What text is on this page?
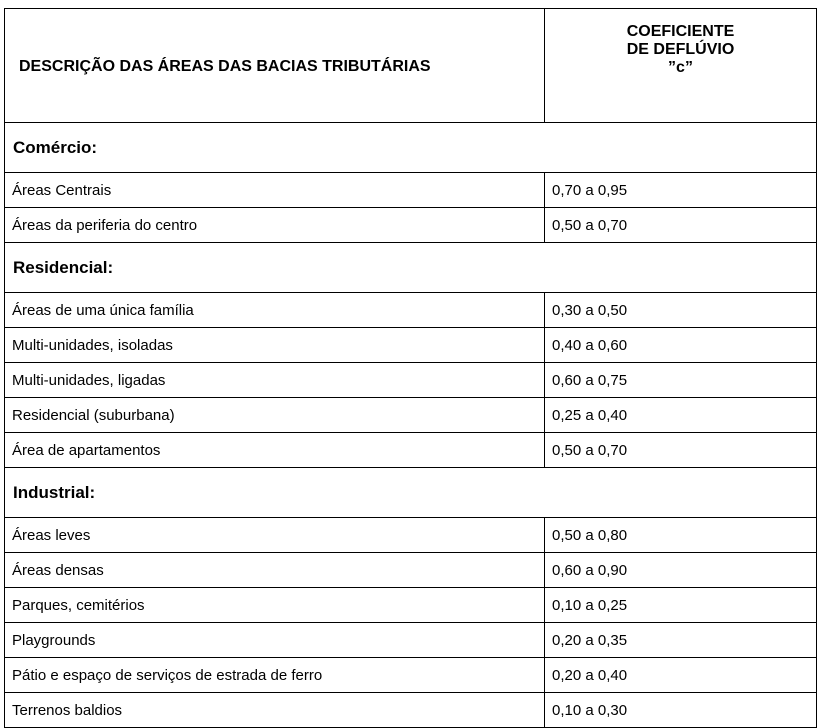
DESCRIÇÃO DAS ÁREAS DAS BACIAS TRIBUTÁRIAS	COEFICIENTE
DE DEFLÚVIO
”c”

Comércio:	
Áreas Centrais	0,70 a 0,95
Áreas da periferia do centro	0,50 a 0,70
Residencial:	
Áreas de uma única família	0,30 a 0,50
Multi-unidades, isoladas	0,40 a 0,60
Multi-unidades, ligadas	0,60 a 0,75
Residencial (suburbana)	0,25 a 0,40
Área de apartamentos	0,50 a 0,70
Industrial:	
Áreas leves	0,50 a 0,80
Áreas densas	0,60 a 0,90
Parques, cemitérios	0,10 a 0,25
Playgrounds	0,20 a 0,35
Pátio e espaço de serviços de estrada de ferro	0,20 a 0,40
Terrenos baldios	0,10 a 0,30
